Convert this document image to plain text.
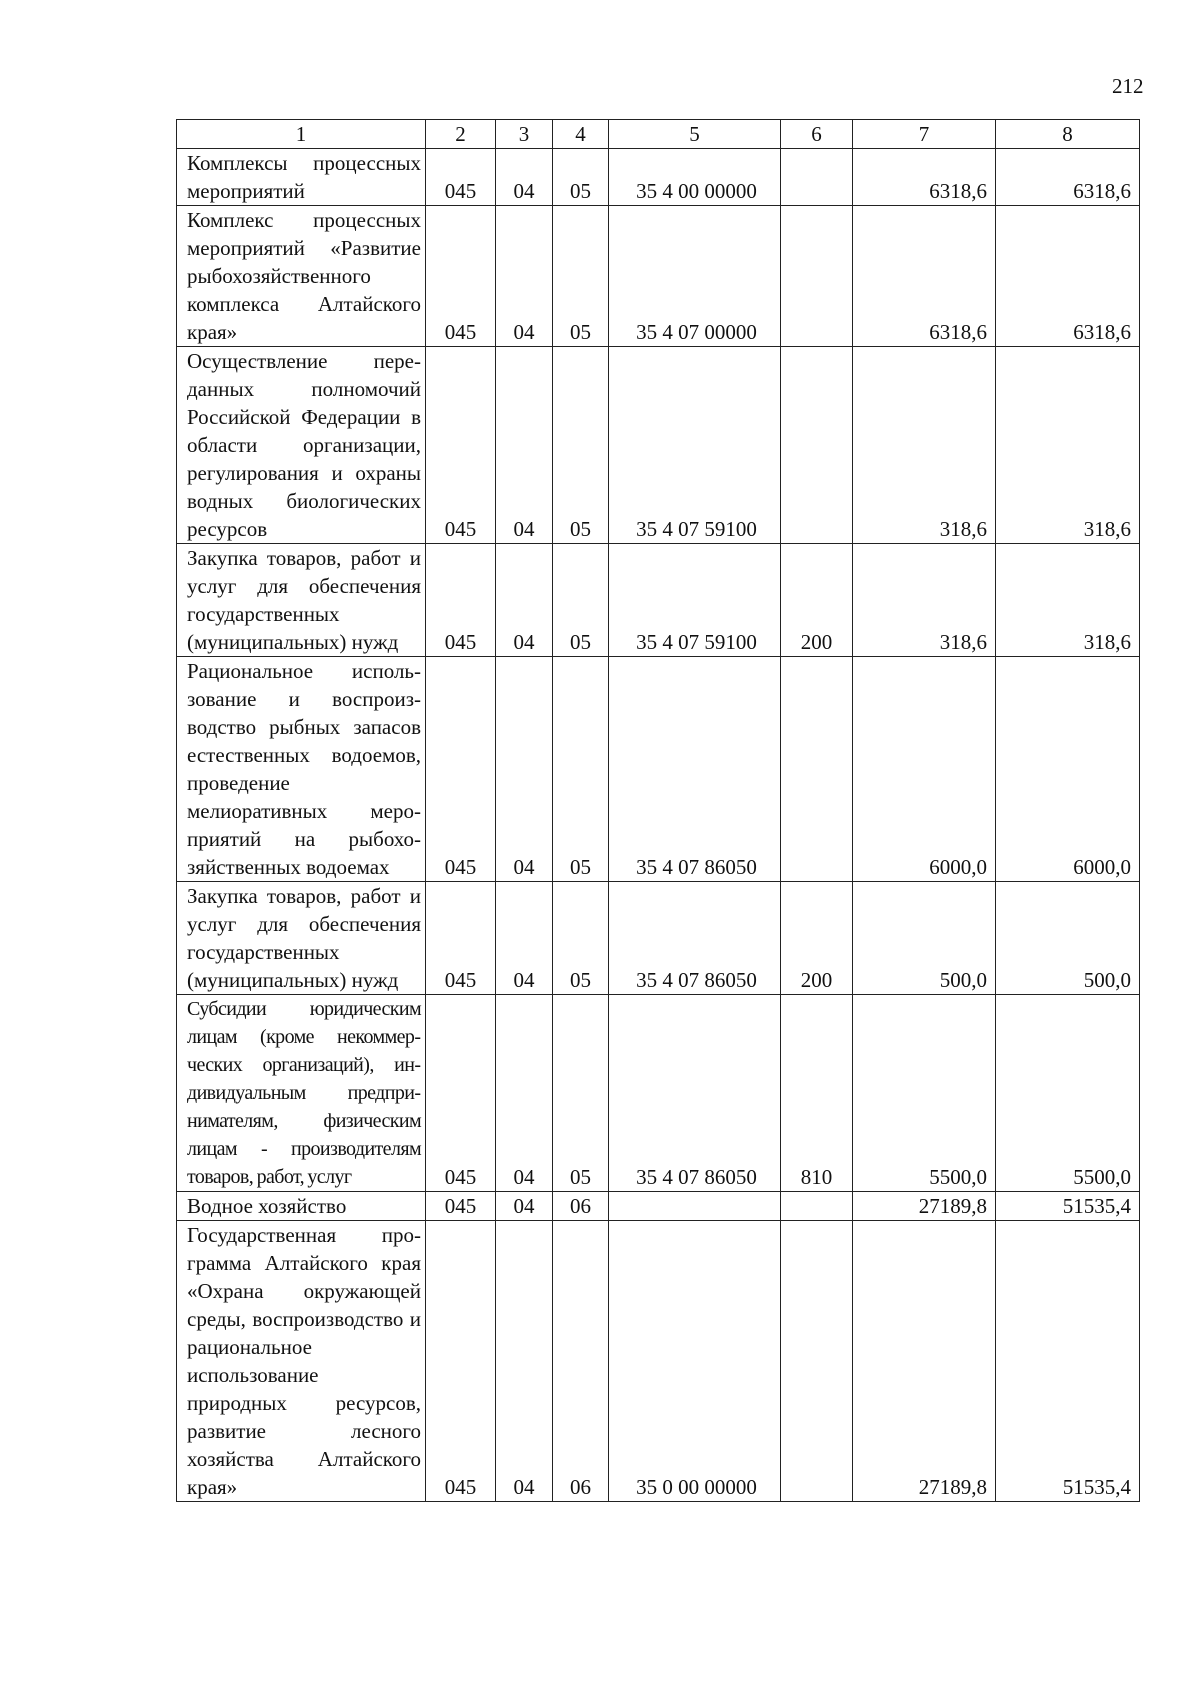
212
1	2	3	4	5	6	7	8
Комплексы процессных мероприятий	045	04	05	35 4 00 00000		6318,6	6318,6
Комплекс процессных мероприятий «Развитие рыбохозяйственного комплекса Алтайского края»	045	04	05	35 4 07 00000		6318,6	6318,6
Осуществление переданных полномочий Российской Федерации в области организации, регулирования и охраны водных биологических ресурсов	045	04	05	35 4 07 59100		318,6	318,6
Закупка товаров, работ и услуг для обеспечения государственных (муниципальных) нужд	045	04	05	35 4 07 59100	200	318,6	318,6
Рациональное использование и воспроизводство рыбных запасов естественных водоемов, проведение мелиоративных мероприятий на рыбохозяйственных водоемах	045	04	05	35 4 07 86050		6000,0	6000,0
Закупка товаров, работ и услуг для обеспечения государственных (муниципальных) нужд	045	04	05	35 4 07 86050	200	500,0	500,0
Субсидии юридическим лицам (кроме некоммерческих организаций), индивидуальным предпринимателям, физическим лицам - производителям товаров, работ, услуг	045	04	05	35 4 07 86050	810	5500,0	5500,0
Водное хозяйство	045	04	06			27189,8	51535,4
Государственная программа Алтайского края «Охрана окружающей среды, воспроизводство и рациональное использование природных ресурсов, развитие лесного хозяйства Алтайского края»	045	04	06	35 0 00 00000		27189,8	51535,4
